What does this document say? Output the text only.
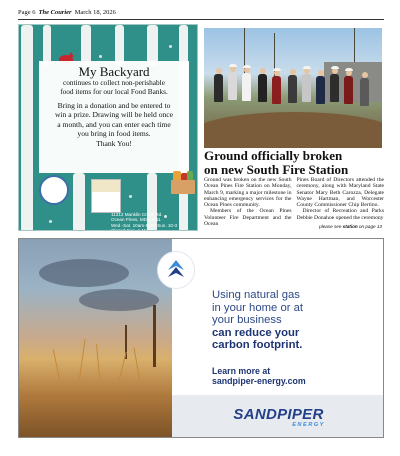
Page 6 The Courier March 18, 2026
My Backyard
continues to collect non-perishable
food items for our local Food Banks.
Bring in a donation and be entered to
win a prize. Drawing will be held once
a month, and you can enter each time
you bring in food items.
Thank You!
11312 Manklin Creek Rd.
Ocean Pines, MD 21811
Wed.-Sat. 10am-5pm; Sun. 10-3
Closed Sun. & Mon.
Ground officially broken
on new South Fire Station

Ground was broken on the new South Ocean Pines Fire Station on Monday, March 9, marking a major milestone in enhancing emergency services for the Ocean Pines community.

Members of the Ocean Pines Volunteer Fire Department and the Ocean

Pines Board of Directors attended the ceremony, along with Maryland State Senator Mary Beth Carozza, Delegate Wayne Hartman, and Worcester County Commissioner Chip Bertino.

Director of Recreation and Parks Debbie Donahoe opened the ceremony

please see station on page 13
Using natural gas
in your home or at
your business
can reduce your
carbon footprint.
Learn more at
sandpiper-energy.com
SANDPIPER
ENERGY
